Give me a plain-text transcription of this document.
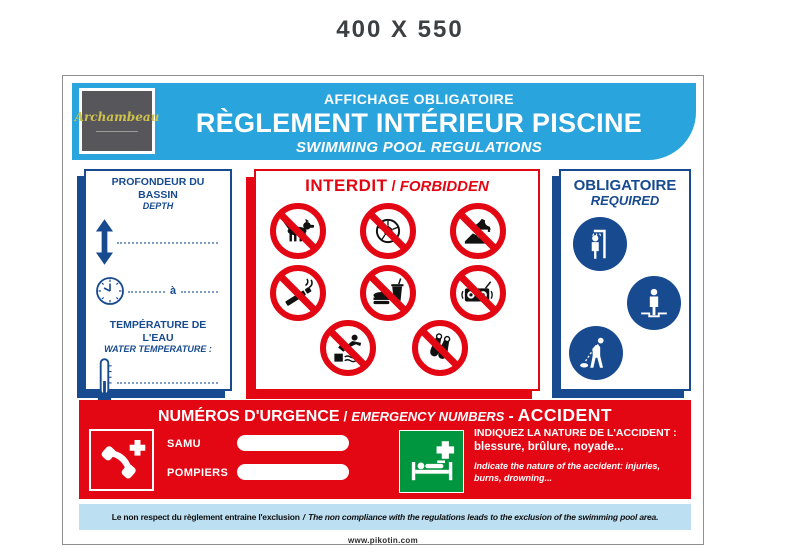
400 X 550
Archambeau
AFFICHAGE OBLIGATOIRE
RÈGLEMENT INTÉRIEUR PISCINE
SWIMMING POOL REGULATIONS
PROFONDEUR DU BASSIN
DEPTH
à
TEMPÉRATURE DE L'EAU
WATER TEMPERATURE :
INTERDIT / FORBIDDEN	OBLIGATOIRE
REQUIRED
NUMÉROS D'URGENCE / EMERGENCY NUMBERS - ACCIDENT
SAMU
POMPIERS
INDIQUEZ LA NATURE DE L'ACCIDENT :
blessure, brûlure, noyade...
Indicate the nature of the accident: injuries, burns, drowning...
Le non respect du règlement entraine l'exclusion / The non compliance with the regulations leads to the exclusion of the swimming pool area.
www.pikotin.com
